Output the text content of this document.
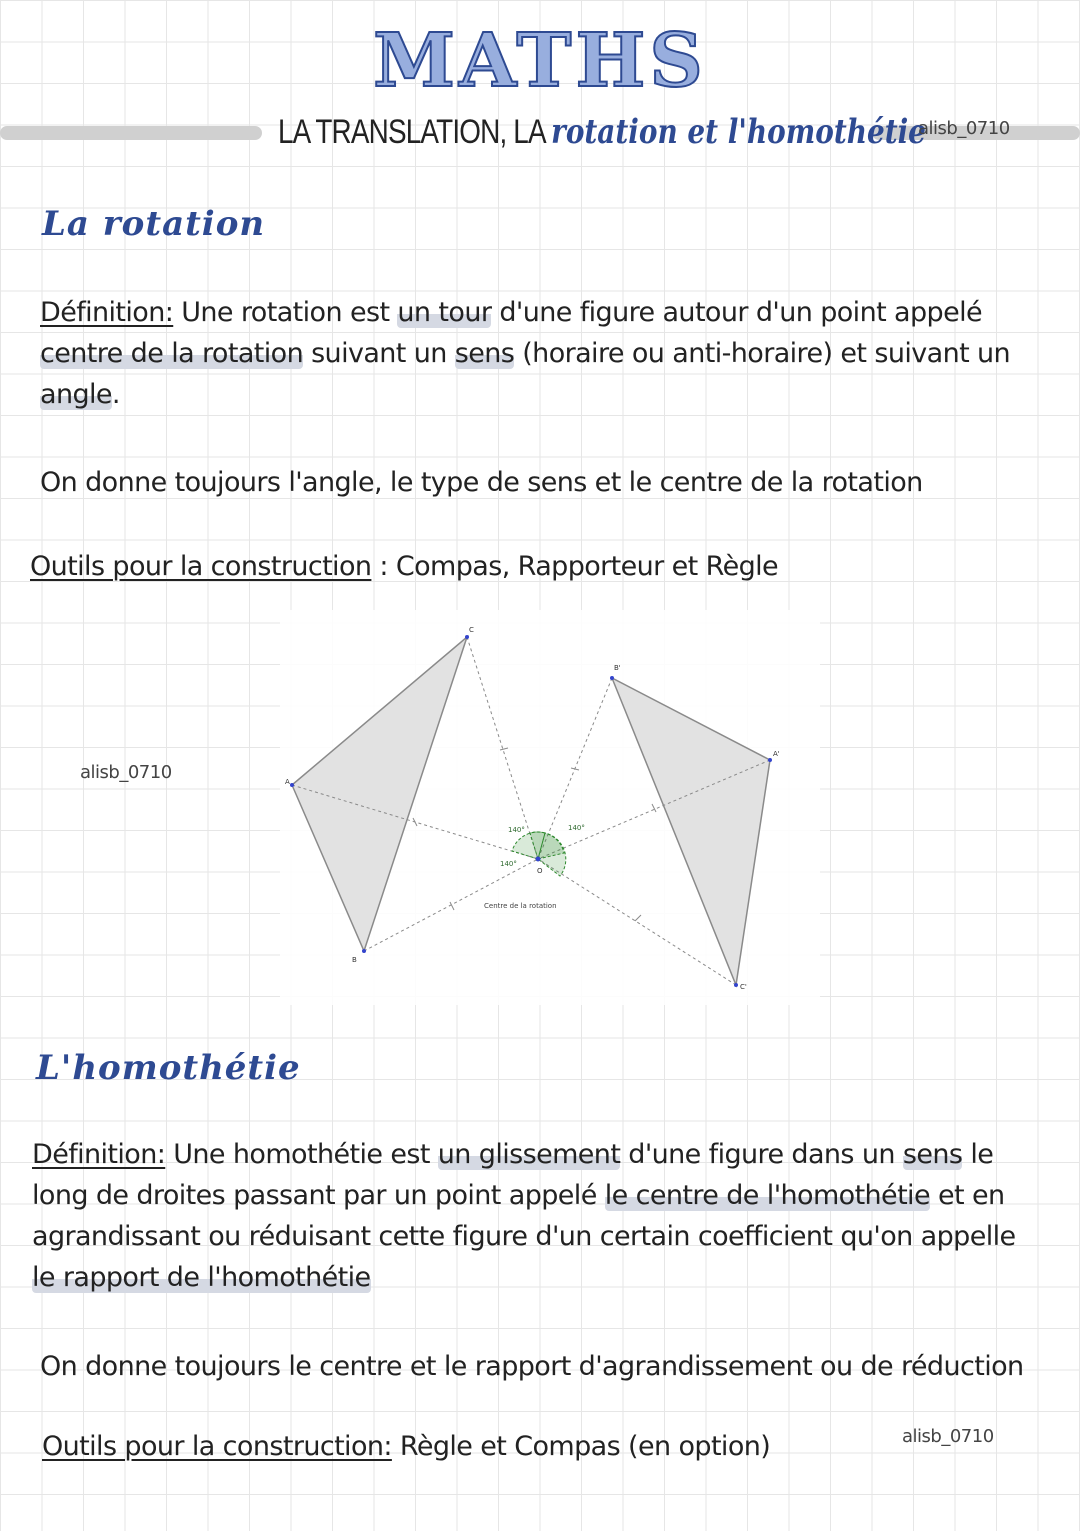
MATHS
LA TRANSLATION, LA rotation et l'homothétie
alisb_0710
La rotation
Définition: Une rotation est un tour d'une figure autour d'un point appelé centre de la rotation suivant un sens (horaire ou anti-horaire) et suivant un angle.
On donne toujours l'angle, le type de sens et le centre de la rotation
Outils pour la construction : Compas, Rapporteur et Règle
alisb_0710
140°	140°
140°
A
B
C
A'
B'
C'
O
Centre de la rotation
L'homothétie
Définition: Une homothétie est un glissement d'une figure dans un sens le long de droites passant par un point appelé le centre de l'homothétie et en agrandissant ou réduisant cette figure d'un certain coefficient qu'on appelle le rapport de l'homothétie
On donne toujours le centre et le rapport d'agrandissement ou de réduction
Outils pour la construction: Règle et Compas (en option)	alisb_0710
